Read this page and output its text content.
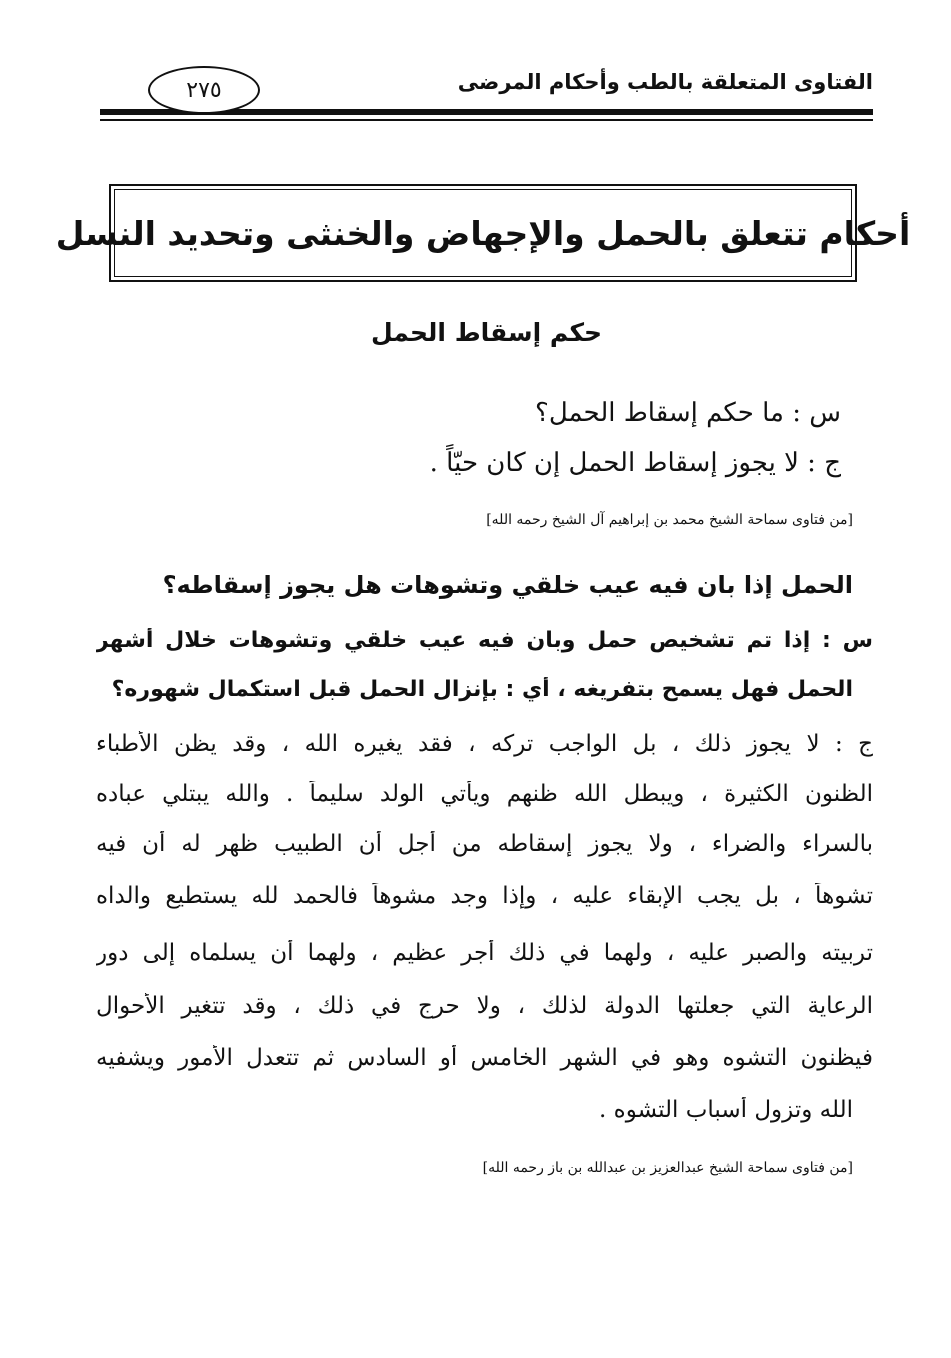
الفتاوى المتعلقة بالطب وأحكام المرضى
٢٧٥
أحكام تتعلق بالحمل والإجهاض والخنثى وتحديد النسل
حكم إسقاط الحمل
س : ما حكم إسقاط الحمل؟
ج : لا يجوز إسقاط الحمل إن كان حيّاً .
[من فتاوى سماحة الشيخ محمد بن إبراهيم آل الشيخ رحمه الله]
الحمل إذا بان فيه عيب خلقي وتشوهات هل يجوز إسقاطه؟
س : إذا تم تشخيص حمل وبان فيه عيب خلقي وتشوهات خلال أشهر
الحمل فهل يسمح بتفريغه ، أي : بإنزال الحمل قبل استكمال شهوره؟
ج : لا يجوز ذلك ، بل الواجب تركه ، فقد يغيره الله ، وقد يظن الأطباء
الظنون الكثيرة ، ويبطل الله ظنهم ويأتي الولد سليماً . والله يبتلي عباده
بالسراء والضراء ، ولا يجوز إسقاطه من أجل أن الطبيب ظهر له أن فيه
تشوهاً ، بل يجب الإبقاء عليه ، وإذا وجد مشوهاً فالحمد لله يستطيع والداه
تربيته والصبر عليه ، ولهما في ذلك أجر عظيم ، ولهما أن يسلماه إلى دور
الرعاية التي جعلتها الدولة لذلك ، ولا حرج في ذلك ، وقد تتغير الأحوال
فيظنون التشوه وهو في الشهر الخامس أو السادس ثم تتعدل الأمور ويشفيه
الله وتزول أسباب التشوه .
[من فتاوى سماحة الشيخ عبدالعزيز بن عبدالله بن باز رحمه الله]
